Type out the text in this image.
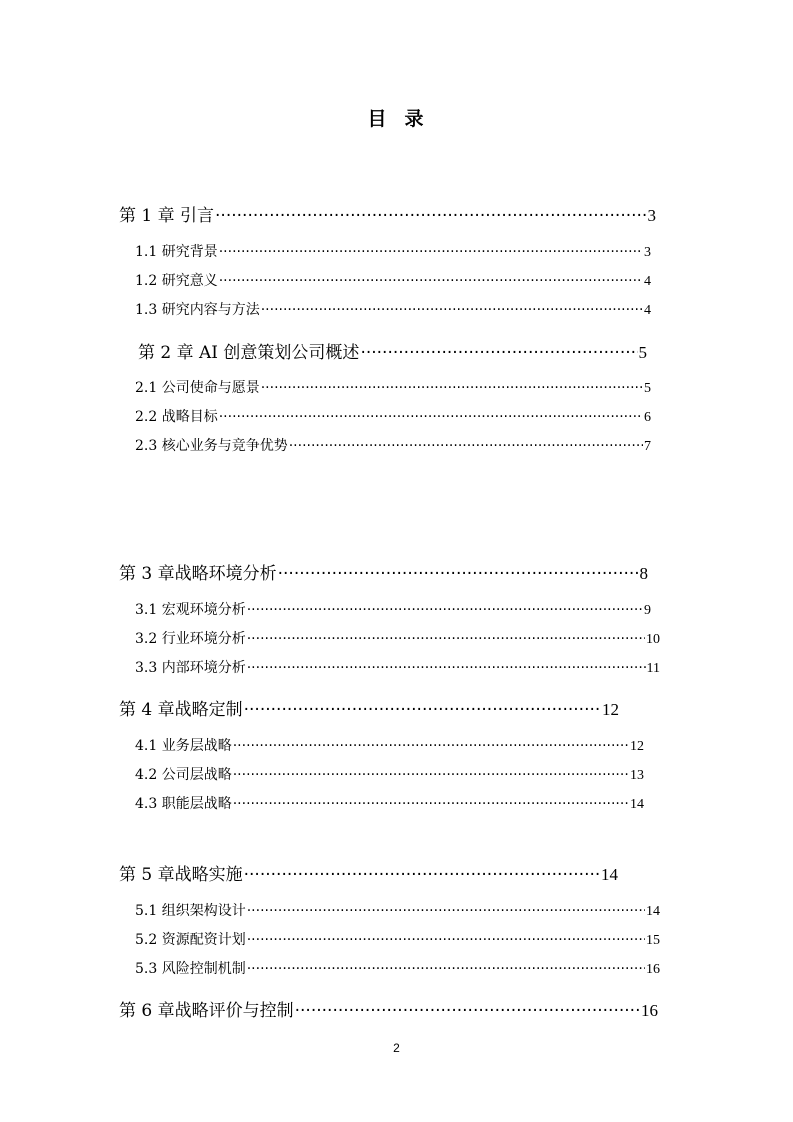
目 录
第 1 章 引言 ·····	3
1.1 研究背景 ·····	3
1.2 研究意义 ·····	4
1.3 研究内容与方法 ·····	4
第 2 章 AI 创意策划公司概述 ·····	5
2.1 公司使命与愿景 ·····	5
2.2 战略目标 ·····	6
2.3 核心业务与竞争优势 ·····	7
第 3 章战略环境分析 ·····	8
3.1 宏观环境分析 ·····	9
3.2 行业环境分析 ·····	10
3.3 内部环境分析 ·····	11
第 4 章战略定制 ·····	12
4.1 业务层战略 ·····	12
4.2 公司层战略 ·····	13
4.3 职能层战略 ·····	14
第 5 章战略实施 ·····	14
5.1 组织架构设计 ·····	14
5.2 资源配资计划 ·····	15
5.3 风险控制机制 ·····	16
第 6 章战略评价与控制 ·····	16
2
